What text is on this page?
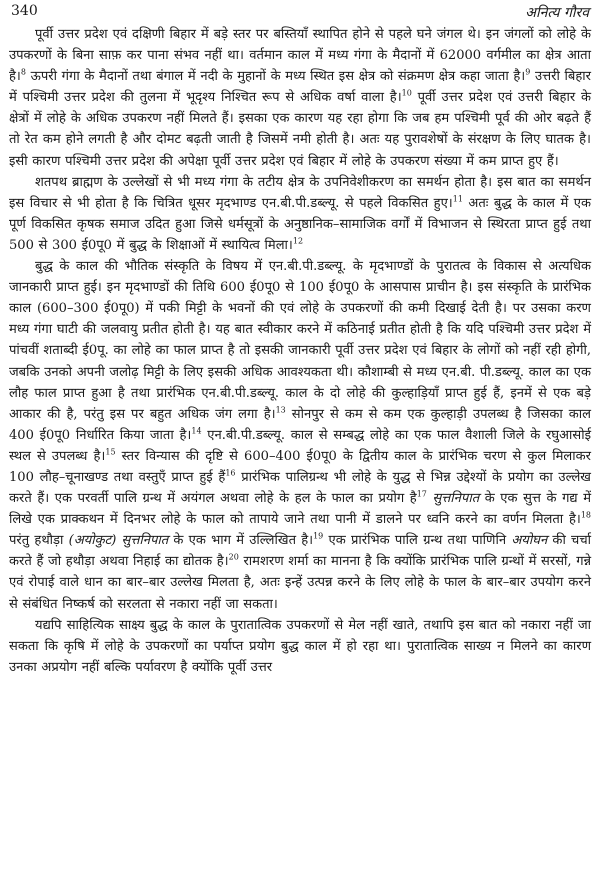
340	अनित्य गौरव

पूर्वी उत्तर प्रदेश एवं दक्षिणी बिहार में बड़े स्तर पर बस्तियाँ स्थापित होने से पहले घने जंगल थे। इन जंगलों को लोहे के उपकरणों के बिना साफ़ कर पाना संभव नहीं था। वर्तमान काल में मध्य गंगा के मैदानों में 62000 वर्गमील का क्षेत्र आता है।$^8$ ऊपरी गंगा के मैदानों तथा बंगाल में नदी के मुहानों के मध्य स्थित इस क्षेत्र को संक्रमण क्षेत्र कहा जाता है।$^9$ उत्तरी बिहार में पश्चिमी उत्तर प्रदेश की तुलना में भूदृश्य निश्चित रूप से अधिक वर्षा वाला है।$^{10}$ पूर्वी उत्तर प्रदेश एवं उत्तरी बिहार के क्षेत्रों में लोहे के अधिक उपकरण नहीं मिलते हैं। इसका एक कारण यह रहा होगा कि जब हम पश्चिमी पूर्व की ओर बढ़ते हैं तो रेत कम होने लगती है और दोमट बढ़ती जाती है जिसमें नमी होती है। अतः यह पुरावशेषों के संरक्षण के लिए घातक है। इसी कारण पश्चिमी उत्तर प्रदेश की अपेक्षा पूर्वी उत्तर प्रदेश एवं बिहार में लोहे के उपकरण संख्या में कम प्राप्त हुए हैं।

शतपथ ब्राह्मण के उल्लेखों से भी मध्य गंगा के तटीय क्षेत्र के उपनिवेशीकरण का समर्थन होता है। इस बात का समर्थन इस विचार से भी होता है कि चित्रित धूसर मृदभाण्ड एन.बी.पी.डब्ल्यू. से पहले विकसित हुए।$^{11}$ अतः बुद्ध के काल में एक पूर्ण विकसित कृषक समाज उदित हुआ जिसे धर्मसूत्रों के अनुष्ठानिक–सामाजिक वर्गों में विभाजन से स्थिरता प्राप्त हुई तथा 500 से 300 ई0पू0 में बुद्ध के शिक्षाओं में स्थायित्व मिला।$^{12}$

बुद्ध के काल की भौतिक संस्कृति के विषय में एन.बी.पी.डब्ल्यू. के मृदभाण्डों के पुरातत्व के विकास से अत्यधिक जानकारी प्राप्त हुई। इन मृदभाण्डों की तिथि 600 ई0पू0 से 100 ई0पू0 के आसपास प्राचीन है। इस संस्कृति के प्रारंभिक काल (600–300 ई0पू0) में पकी मिट्टी के भवनों की एवं लोहे के उपकरणों की कमी दिखाई देती है। पर उसका करण मध्य गंगा घाटी की जलवायु प्रतीत होती है। यह बात स्वीकार करने में कठिनाई प्रतीत होती है कि यदि पश्चिमी उत्तर प्रदेश में पांचवीं शताब्दी ई0पू. का लोहे का फाल प्राप्त है तो इसकी जानकारी पूर्वी उत्तर प्रदेश एवं बिहार के लोगों को नहीं रही होगी, जबकि उनको अपनी जलोढ़ मिट्टी के लिए इसकी अधिक आवश्यकता थी। कौशाम्बी से मध्य एन.बी. पी.डब्ल्यू. काल का एक लौह फाल प्राप्त हुआ है तथा प्रारंभिक एन.बी.पी.डब्ल्यू. काल के दो लोहे की कुल्हाड़ियाँ प्राप्त हुई हैं, इनमें से एक बड़े आकार की है, परंतु इस पर बहुत अधिक जंग लगा है।$^{13}$ सोनपुर से कम से कम एक कुल्हाड़ी उपलब्ध है जिसका काल 400 ई0पू0 निर्धारित किया जाता है।$^{14}$ एन.बी.पी.डब्ल्यू. काल से सम्बद्ध लोहे का एक फाल वैशाली जिले के रघुआसोई स्थल से उपलब्ध है।$^{15}$ स्तर विन्यास की दृष्टि से 600–400 ई0पू0 के द्वितीय काल के प्रारंभिक चरण से कुल मिलाकर 100 लौह–चूनाखण्ड तथा वस्तुएँ प्राप्त हुई हैं$^{16}$ प्रारंभिक पालिग्रन्थ भी लोहे के युद्ध से भिन्न उद्देश्यों के प्रयोग का उल्लेख करते हैं। एक परवर्ती पालि ग्रन्थ में अयंगल अथवा लोहे के हल के फाल का प्रयोग है$^{17}$ सुत्तनिपात के एक सुत्त के गद्य में लिखे एक प्राक्कथन में दिनभर लोहे के फाल को तापाये जाने तथा पानी में डालने पर ध्वनि करने का वर्णन मिलता है।$^{18}$ परंतु हथौड़ा (अयोकुट) सुत्तनिपात के एक भाग में उल्लिखित है।$^{19}$ एक प्रारंभिक पालि ग्रन्थ तथा पाणिनि अयोघन की चर्चा करते हैं जो हथौड़ा अथवा निहाई का द्योतक है।$^{20}$ रामशरण शर्मा का मानना है कि क्योंकि प्रारंभिक पालि ग्रन्थों में सरसों, गन्ने एवं रोपाई वाले धान का बार–बार उल्लेख मिलता है, अतः इन्हें उत्पन्न करने के लिए लोहे के फाल के बार–बार उपयोग करने से संबंधित निष्कर्ष को सरलता से नकारा नहीं जा सकता।

यद्यपि साहित्यिक साक्ष्य बुद्ध के काल के पुरातात्विक उपकरणों से मेल नहीं खाते, तथापि इस बात को नकारा नहीं जा सकता कि कृषि में लोहे के उपकरणों का पर्याप्त प्रयोग बुद्ध काल में हो रहा था। पुरातात्विक साख्य न मिलने का कारण उनका अप्रयोग नहीं बल्कि पर्यावरण है क्योंकि पूर्वी उत्तर
